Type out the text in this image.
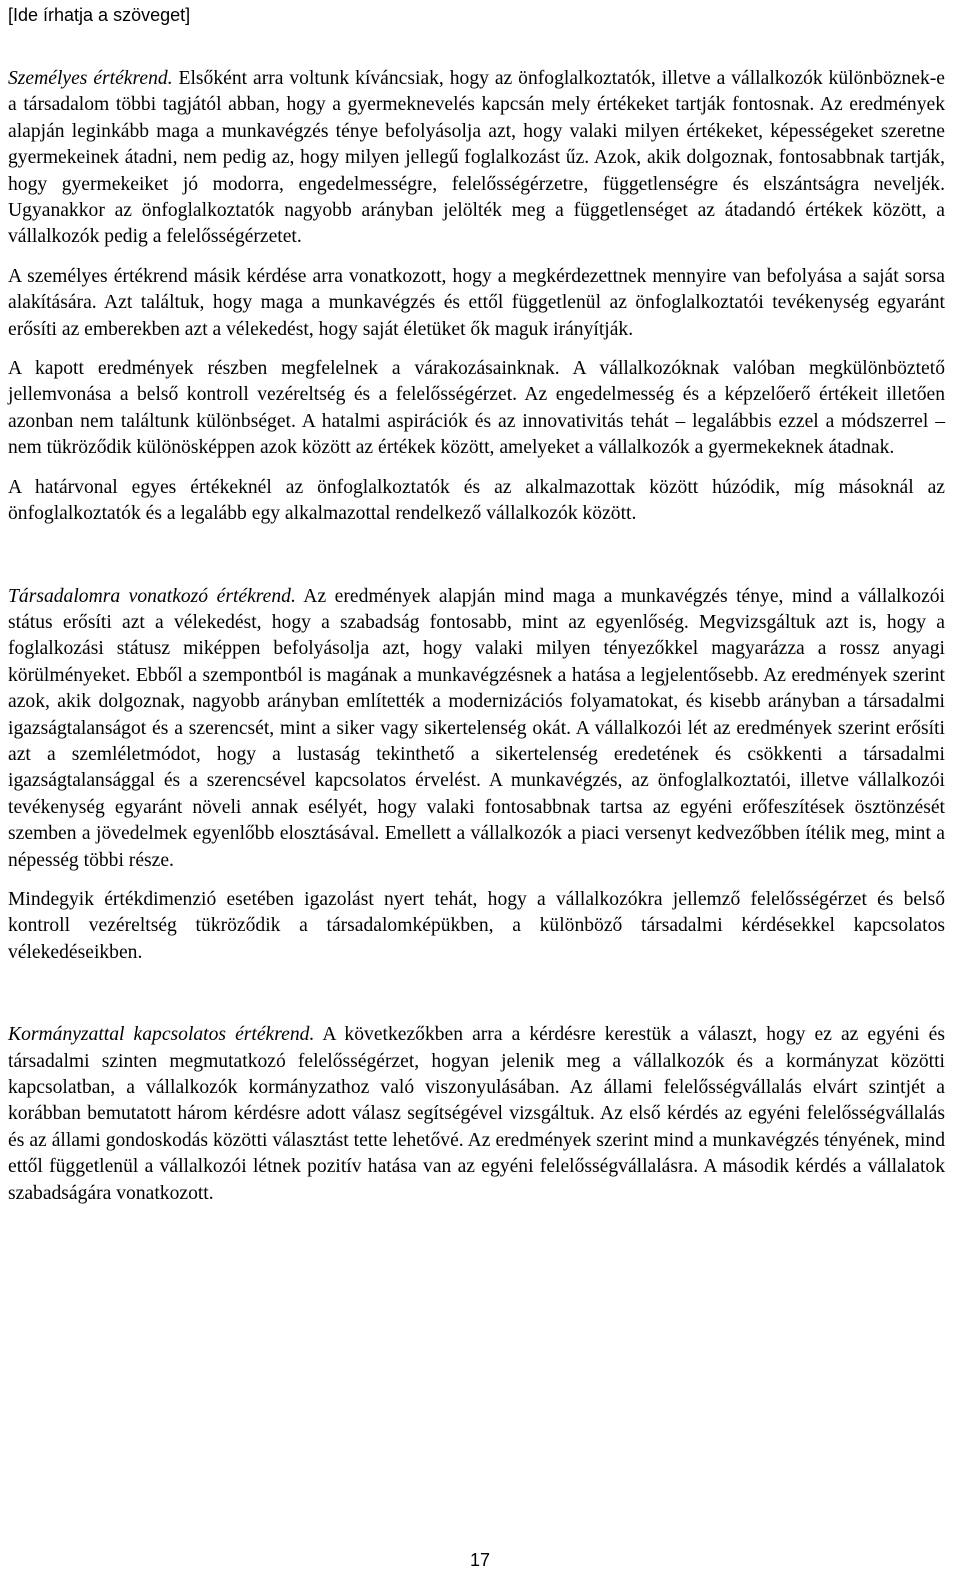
[Ide írhatja a szöveget]

Személyes értékrend. Elsőként arra voltunk kíváncsiak, hogy az önfoglalkoztatók, illetve a vállalkozók különböznek-e a társadalom többi tagjától abban, hogy a gyermeknevelés kapcsán mely értékeket tartják fontosnak. Az eredmények alapján leginkább maga a munkavégzés ténye befolyásolja azt, hogy valaki milyen értékeket, képességeket szeretne gyermekeinek átadni, nem pedig az, hogy milyen jellegű foglalkozást űz. Azok, akik dolgoznak, fontosabbnak tartják, hogy gyermekeiket jó modorra, engedelmességre, felelősségérzetre, függetlenségre és elszántságra neveljék. Ugyanakkor az önfoglalkoztatók nagyobb arányban jelölték meg a függetlenséget az átadandó értékek között, a vállalkozók pedig a felelősségérzetet.

A személyes értékrend másik kérdése arra vonatkozott, hogy a megkérdezettnek mennyire van befolyása a saját sorsa alakítására. Azt találtuk, hogy maga a munkavégzés és ettől függetlenül az önfoglalkoztatói tevékenység egyaránt erősíti az emberekben azt a vélekedést, hogy saját életüket ők maguk irányítják.

A kapott eredmények részben megfelelnek a várakozásainknak. A vállalkozóknak valóban megkülönböztető jellemvonása a belső kontroll vezéreltség és a felelősségérzet. Az engedelmesség és a képzelőerő értékeit illetően azonban nem találtunk különbséget. A hatalmi aspirációk és az innovativitás tehát – legalábbis ezzel a módszerrel – nem tükröződik különösképpen azok között az értékek között, amelyeket a vállalkozók a gyermekeknek átadnak.

A határvonal egyes értékeknél az önfoglalkoztatók és az alkalmazottak között húzódik, míg másoknál az önfoglalkoztatók és a legalább egy alkalmazottal rendelkező vállalkozók között.

Társadalomra vonatkozó értékrend. Az eredmények alapján mind maga a munkavégzés ténye, mind a vállalkozói státus erősíti azt a vélekedést, hogy a szabadság fontosabb, mint az egyenlőség. Megvizsgáltuk azt is, hogy a foglalkozási státusz miképpen befolyásolja azt, hogy valaki milyen tényezőkkel magyarázza a rossz anyagi körülményeket. Ebből a szempontból is magának a munkavégzésnek a hatása a legjelentősebb. Az eredmények szerint azok, akik dolgoznak, nagyobb arányban említették a modernizációs folyamatokat, és kisebb arányban a társadalmi igazságtalanságot és a szerencsét, mint a siker vagy sikertelenség okát. A vállalkozói lét az eredmények szerint erősíti azt a szemléletmódot, hogy a lustaság tekinthető a sikertelenség eredetének és csökkenti a társadalmi igazságtalansággal és a szerencsével kapcsolatos érvelést. A munkavégzés, az önfoglalkoztatói, illetve vállalkozói tevékenység egyaránt növeli annak esélyét, hogy valaki fontosabbnak tartsa az egyéni erőfeszítések ösztönzését szemben a jövedelmek egyenlőbb elosztásával. Emellett a vállalkozók a piaci versenyt kedvezőbben ítélik meg, mint a népesség többi része.

Mindegyik értékdimenzió esetében igazolást nyert tehát, hogy a vállalkozókra jellemző felelősségérzet és belső kontroll vezéreltség tükröződik a társadalomképükben, a különböző társadalmi kérdésekkel kapcsolatos vélekedéseikben.

Kormányzattal kapcsolatos értékrend. A következőkben arra a kérdésre kerestük a választ, hogy ez az egyéni és társadalmi szinten megmutatkozó felelősségérzet, hogyan jelenik meg a vállalkozók és a kormányzat közötti kapcsolatban, a vállalkozók kormányzathoz való viszonyulásában. Az állami felelősségvállalás elvárt szintjét a korábban bemutatott három kérdésre adott válasz segítségével vizsgáltuk. Az első kérdés az egyéni felelősségvállalás és az állami gondoskodás közötti választást tette lehetővé. Az eredmények szerint mind a munkavégzés tényének, mind ettől függetlenül a vállalkozói létnek pozitív hatása van az egyéni felelősségvállalásra. A második kérdés a vállalatok szabadságára vonatkozott.

17
